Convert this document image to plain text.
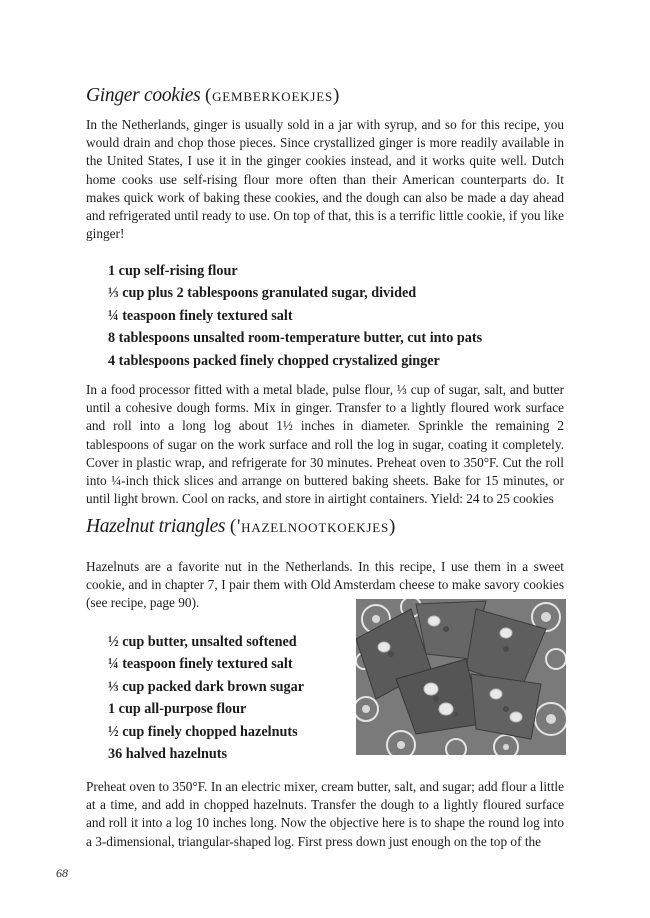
Ginger cookies (gemberkoekjes)

In the Netherlands, ginger is usually sold in a jar with syrup, and so for this recipe, you would drain and chop those pieces. Since crystallized ginger is more readily available in the United States, I use it in the ginger cookies instead, and it works quite well. Dutch home cooks use self-rising flour more often than their American counterparts do. It makes quick work of baking these cookies, and the dough can also be made a day ahead and refrigerated until ready to use. On top of that, this is a terrific little cookie, if you like ginger!

1 cup self-rising flour
⅓ cup plus 2 tablespoons granulated sugar, divided
¼ teaspoon finely textured salt
8 tablespoons unsalted room-temperature butter, cut into pats
4 tablespoons packed finely chopped crystalized ginger

In a food processor fitted with a metal blade, pulse flour, ⅓ cup of sugar, salt, and butter until a cohesive dough forms. Mix in ginger. Transfer to a lightly floured work surface and roll into a long log about 1½ inches in diameter. Sprinkle the remaining 2 tablespoons of sugar on the work surface and roll the log in sugar, coating it completely. Cover in plastic wrap, and refrigerate for 30 minutes. Preheat oven to 350°F. Cut the roll into ¼-inch thick slices and arrange on buttered baking sheets. Bake for 15 minutes, or until light brown. Cool on racks, and store in airtight containers. Yield: 24 to 25 cookies

Hazelnut triangles ('hazelnootkoekjes)

Hazelnuts are a favorite nut in the Netherlands. In this recipe, I use them in a sweet cookie, and in chapter 7, I pair them with Old Amsterdam cheese to make savory cookies (see recipe, page 90).

½ cup butter, unsalted softened
¼ teaspoon finely textured salt
⅓ cup packed dark brown sugar
1 cup all-purpose flour
½ cup finely chopped hazelnuts
36 halved hazelnuts

Preheat oven to 350°F. In an electric mixer, cream butter, salt, and sugar; add flour a little at a time, and add in chopped hazelnuts. Transfer the dough to a lightly floured surface and roll it into a log 10 inches long. Now the objective here is to shape the round log into a 3-dimensional, triangular-shaped log. First press down just enough on the top of the

68
